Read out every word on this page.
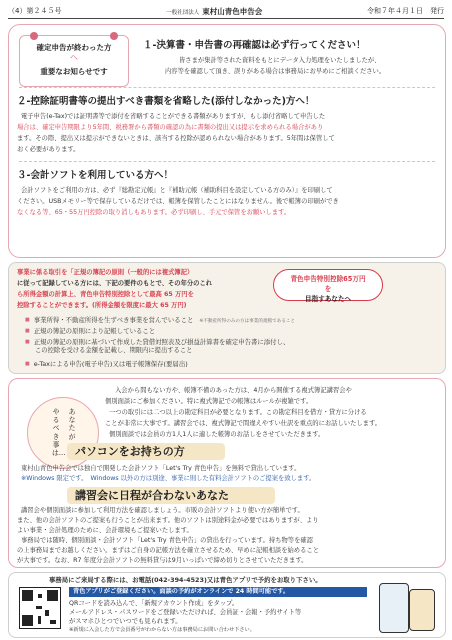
（4）第２４５号	一般社団法人 東村山青色申告会	令和７年４月１日　発行
確定申告が終わった方
へ
重要なお知らせです
１-決算書・申告書の再確認は必ず行ってください！
皆さまが集計等された資料をもとにデータ入力処理をいたしましたが、
内容等を確認して頂き、誤りがある場合は事務局にお早めにご相談ください。
２-控除証明書等の提出すべき書類を省略した(添付しなかった)方へ！
電子申告(e-Tax)では証明書等で添付を省略することができる書類がありますが、もし添付省略して申告した
場合は、確定申告期限より5年間、税務署から書類の確認の為に書類の提出又は提示を求められる場合があり
ます。その際、提出又は提示ができないときは、該当する控除が認められない場合があります。5年間は保管して
おく必要があります。
３-会計ソフトを利用している方へ！
会計ソフトをご利用の方は、必ず『総勘定元帳』と『補助元帳（補助科目を設定している方のみ）』を印刷して
ください。USBメモリー等で保存しているだけでは、帳簿を保管したことにはなりません。後で帳簿の印刷ができ
なくなる等、65・55万円控除の取り消しもあります。必ず印刷し、手元で保管をお願いします。
事業に係る取引を「正規の簿記の原則（一般的には複式簿記）
に従って記録している方には、下記の要件のもとで、その年分のこれ
ら所得金額の計算上、青色申告特別控除として最高 65 万円を
控除することができます。(所得金額を限度に最大 65 万円)
青色申告特別控除65万円
を
目指すあなたへ
■ 事業所得・不動産所得を生ずべき事業を営んでいること ※不動産所得のみの方は事業的規模であること
■ 正規の簿記の原則により記帳していること
■ 正規の簿記の原則に基づいて作成した貸借対照表及び損益計算書を確定申告書に添付し、
この控除を受ける金額を記載し、期限内に提出すること
■ e-Taxによる申告(電子申告)又は電子帳簿保存(要届出)
あなたが
やるべき事は…
入会から間もない方や、帳簿不備のあった方は、4月から開催する複式簿記講習会や
個別面談にご参加ください。特に複式簿記での帳簿はルールが複雑です。
一つの取引には二つ以上の勘定科目が必要となります。この勘定科目を借方・貸方に分ける
ことが非常に大事です。講習会では、複式簿記で間違えやすい仕訳を重点的にお話しいたします。
個別面談では会員の方1人1人に適した帳簿のお話しをさせていただきます。
パソコンをお持ちの方
東村山青色申告会では独自で開発した会計ソフト「Let's Try 青色申告」を無料で貸出しています。
※Windows 限定です。　Windows 以外の方は別途、事業に則した有料会計ソフトのご提案を致します。
講習会に日程が合わないあなた
講習会や個別面談に参加して利用方法を確認しましょう。市販の会計ソフトより使い方が簡単です。
また、他の会計ソフトのご提案も行うことが出来ます。他のソフトは別途料金が必要ではありますが、より
よい事業・会計処理のために、会計環境もご提案いたします。
事務局では随時、個別面談・会計ソフト「Let's Try 青色申告」の貸出を行っています。持ち物等を確認
の上事務局までお越しください。まずはご自身の記帳方法を確立させるため、早めに記帳相談を始めること
が大事です。なお、R7 年度分会計ソフトの無料貸与は9月いっぱいで締め切りとさせていただきます。
事務局にご来局する際には、お電話(042-394-4523)又は青色アプリで予約をお取り下さい。
青色アプリがご登録ください。面談の予約がオンラインで 24 時間可能です。
QRコードを読み込んで、「新規アカウント作成」をタップ。
メールアドレス・パスワードをご登録いただければ、会員証・会報・予約サイト等
がスマホひとつでいつでも見られます。
※新規に入会した方で会員番号がわからない方は事務局にお問い合わせ下さい。
